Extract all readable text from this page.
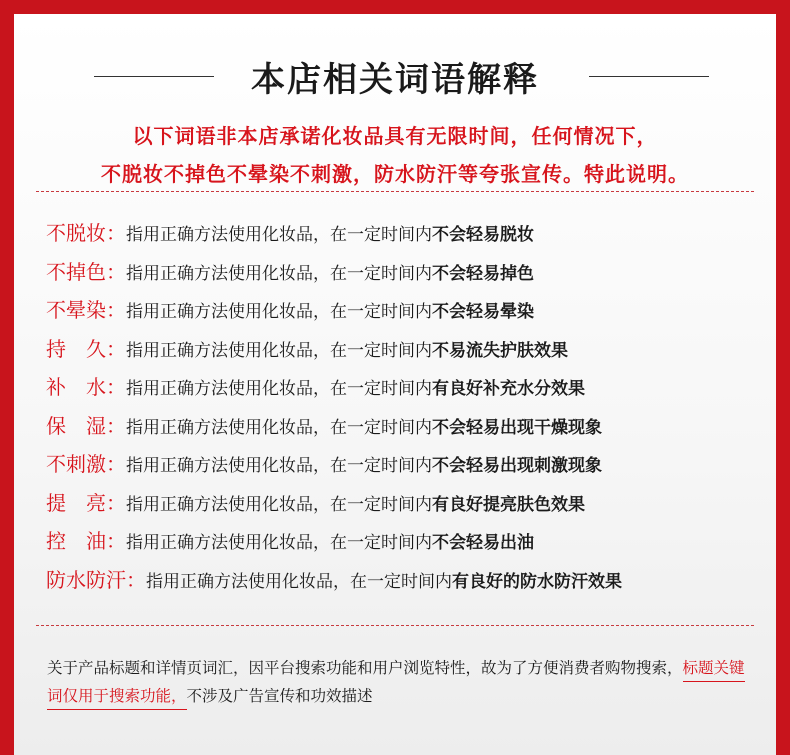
本店相关词语解释
以下词语非本店承诺化妆品具有无限时间，任何情况下，
不脱妆不掉色不晕染不刺激，防水防汗等夸张宣传。特此说明。
不脱妆：指用正确方法使用化妆品，在一定时间内不会轻易脱妆
不掉色：指用正确方法使用化妆品，在一定时间内不会轻易掉色
不晕染：指用正确方法使用化妆品，在一定时间内不会轻易晕染
持　久：指用正确方法使用化妆品，在一定时间内不易流失护肤效果
补　水：指用正确方法使用化妆品，在一定时间内有良好补充水分效果
保　湿：指用正确方法使用化妆品，在一定时间内不会轻易出现干燥现象
不刺激：指用正确方法使用化妆品，在一定时间内不会轻易出现刺激现象
提　亮：指用正确方法使用化妆品，在一定时间内有良好提亮肤色效果
控　油：指用正确方法使用化妆品，在一定时间内不会轻易出油
防水防汗：指用正确方法使用化妆品，在一定时间内有良好的防水防汗效果
关于产品标题和详情页词汇，因平台搜索功能和用户浏览特性，故为了方便消费者购物搜索，标题关键词仅用于搜索功能，不涉及广告宣传和功效描述
